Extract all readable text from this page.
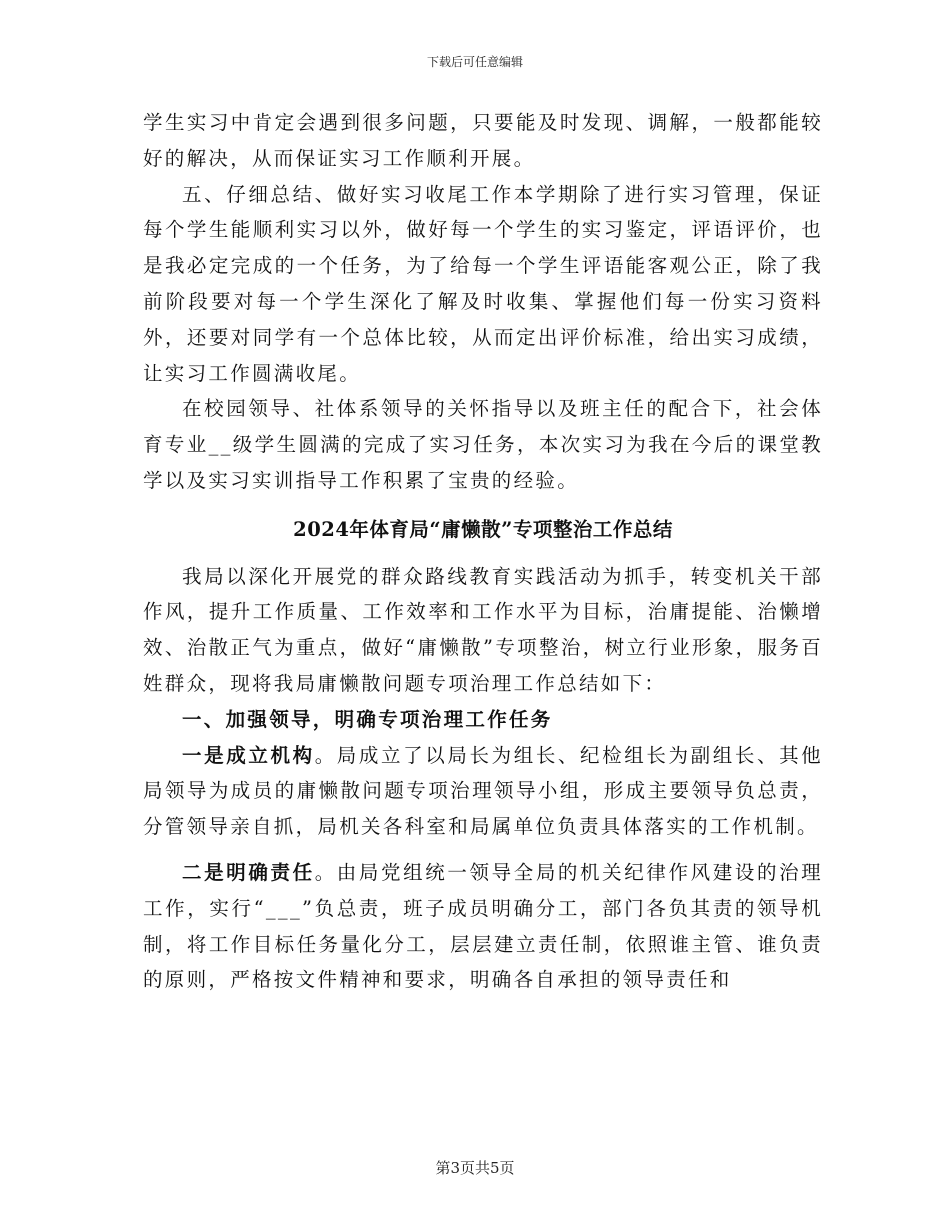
下载后可任意编辑

学生实习中肯定会遇到很多问题，只要能及时发现、调解，一般都能较好的解决，从而保证实习工作顺利开展。

五、仔细总结、做好实习收尾工作本学期除了进行实习管理，保证每个学生能顺利实习以外，做好每一个学生的实习鉴定，评语评价，也是我必定完成的一个任务，为了给每一个学生评语能客观公正，除了我前阶段要对每一个学生深化了解及时收集、掌握他们每一份实习资料外，还要对同学有一个总体比较，从而定出评价标准，给出实习成绩，让实习工作圆满收尾。

在校园领导、社体系领导的关怀指导以及班主任的配合下，社会体育专业__级学生圆满的完成了实习任务，本次实习为我在今后的课堂教学以及实习实训指导工作积累了宝贵的经验。

2024年体育局“庸懒散”专项整治工作总结

我局以深化开展党的群众路线教育实践活动为抓手，转变机关干部作风，提升工作质量、工作效率和工作水平为目标，治庸提能、治懒增效、治散正气为重点，做好“庸懒散”专项整治，树立行业形象，服务百姓群众，现将我局庸懒散问题专项治理工作总结如下：

一、加强领导，明确专项治理工作任务

一是成立机构。局成立了以局长为组长、纪检组长为副组长、其他局领导为成员的庸懒散问题专项治理领导小组，形成主要领导负总责，分管领导亲自抓，局机关各科室和局属单位负责具体落实的工作机制。

二是明确责任。由局党组统一领导全局的机关纪律作风建设的治理工作，实行“___”负总责，班子成员明确分工，部门各负其责的领导机制，将工作目标任务量化分工，层层建立责任制，依照谁主管、谁负责的原则，严格按文件精神和要求，明确各自承担的领导责任和

第3页共5页
